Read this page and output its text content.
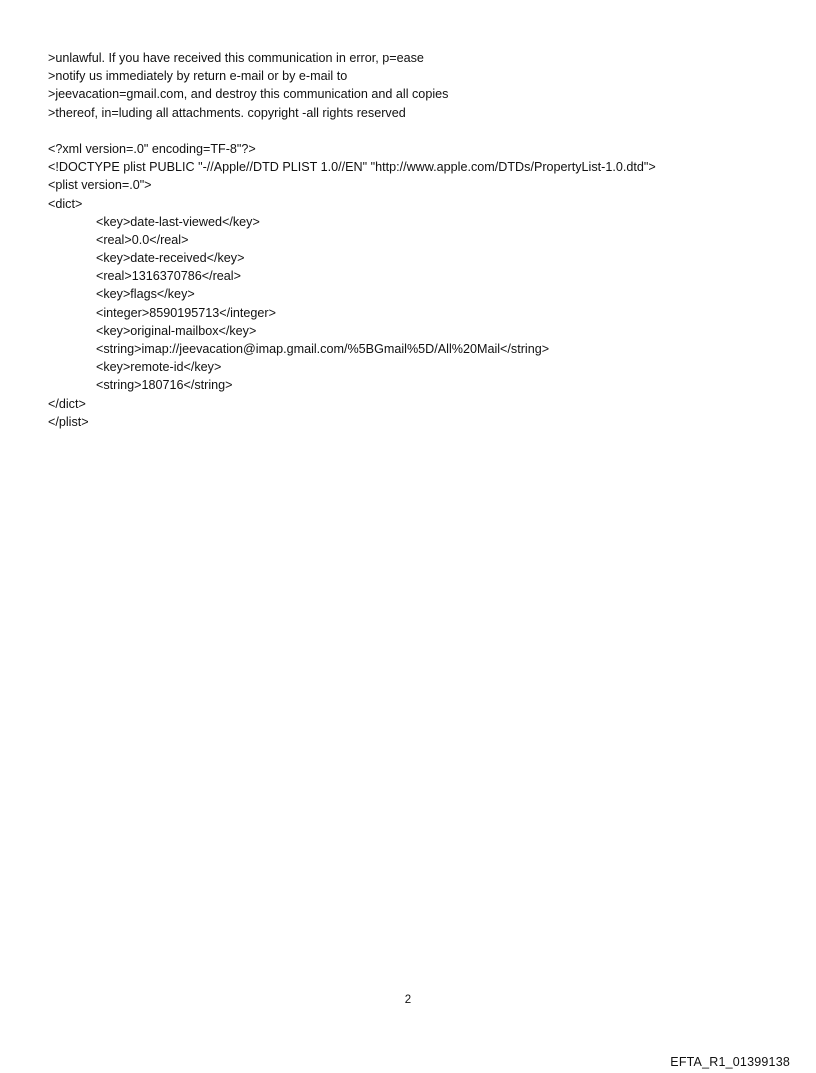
>unlawful. If you have received this communication in error, p=ease
>notify us immediately by return e-mail or by e-mail to
>jeevacation=gmail.com, and destroy this communication and all copies
>thereof, in=luding all attachments. copyright -all rights reserved
<?xml version=.0" encoding=TF-8"?>
<!DOCTYPE plist PUBLIC "-//Apple//DTD PLIST 1.0//EN" "http://www.apple.com/DTDs/PropertyList-1.0.dtd">
<plist version=.0">
<dict>
<key>date-last-viewed</key>
<real>0.0</real>
<key>date-received</key>
<real>1316370786</real>
<key>flags</key>
<integer>8590195713</integer>
<key>original-mailbox</key>
<string>imap://jeevacation@imap.gmail.com/%5BGmail%5D/All%20Mail</string>
<key>remote-id</key>
<string>180716</string>
</dict>
</plist>
2
EFTA_R1_01399138
